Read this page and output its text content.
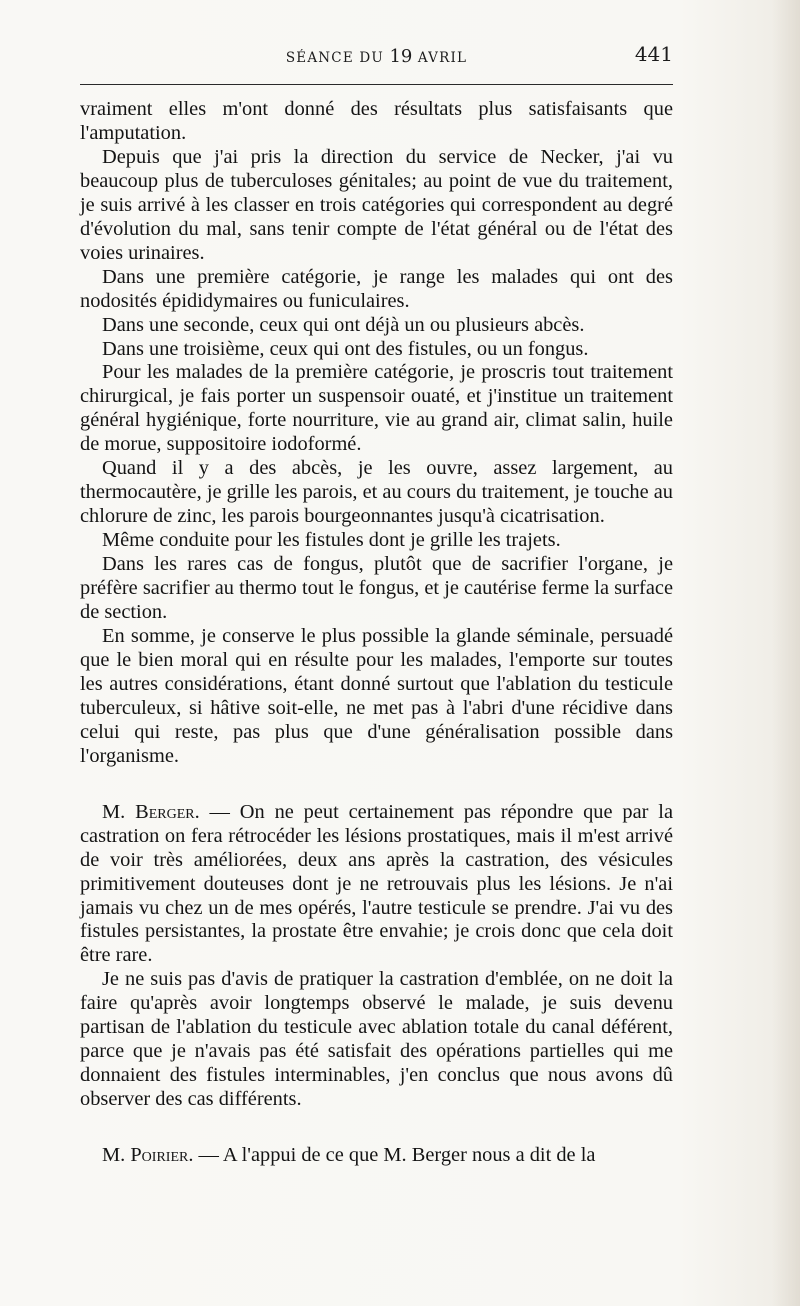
SÉANCE DU 19 AVRIL	441

vraiment elles m'ont donné des résultats plus satisfaisants que l'amputation.

Depuis que j'ai pris la direction du service de Necker, j'ai vu beaucoup plus de tuberculoses génitales; au point de vue du traitement, je suis arrivé à les classer en trois catégories qui correspondent au degré d'évolution du mal, sans tenir compte de l'état général ou de l'état des voies urinaires.

Dans une première catégorie, je range les malades qui ont des nodosités épididymaires ou funiculaires.

Dans une seconde, ceux qui ont déjà un ou plusieurs abcès.

Dans une troisième, ceux qui ont des fistules, ou un fongus.

Pour les malades de la première catégorie, je proscris tout traitement chirurgical, je fais porter un suspensoir ouaté, et j'institue un traitement général hygiénique, forte nourriture, vie au grand air, climat salin, huile de morue, suppositoire iodoformé.

Quand il y a des abcès, je les ouvre, assez largement, au thermocautère, je grille les parois, et au cours du traitement, je touche au chlorure de zinc, les parois bourgeonnantes jusqu'à cicatrisation.

Même conduite pour les fistules dont je grille les trajets.

Dans les rares cas de fongus, plutôt que de sacrifier l'organe, je préfère sacrifier au thermo tout le fongus, et je cautérise ferme la surface de section.

En somme, je conserve le plus possible la glande séminale, persuadé que le bien moral qui en résulte pour les malades, l'emporte sur toutes les autres considérations, étant donné surtout que l'ablation du testicule tuberculeux, si hâtive soit-elle, ne met pas à l'abri d'une récidive dans celui qui reste, pas plus que d'une généralisation possible dans l'organisme.

M. Berger. — On ne peut certainement pas répondre que par la castration on fera rétrocéder les lésions prostatiques, mais il m'est arrivé de voir très améliorées, deux ans après la castration, des vésicules primitivement douteuses dont je ne retrouvais plus les lésions. Je n'ai jamais vu chez un de mes opérés, l'autre testicule se prendre. J'ai vu des fistules persistantes, la prostate être envahie; je crois donc que cela doit être rare.

Je ne suis pas d'avis de pratiquer la castration d'emblée, on ne doit la faire qu'après avoir longtemps observé le malade, je suis devenu partisan de l'ablation du testicule avec ablation totale du canal déférent, parce que je n'avais pas été satisfait des opérations partielles qui me donnaient des fistules interminables, j'en conclus que nous avons dû observer des cas différents.

M. Poirier. — A l'appui de ce que M. Berger nous a dit de la
